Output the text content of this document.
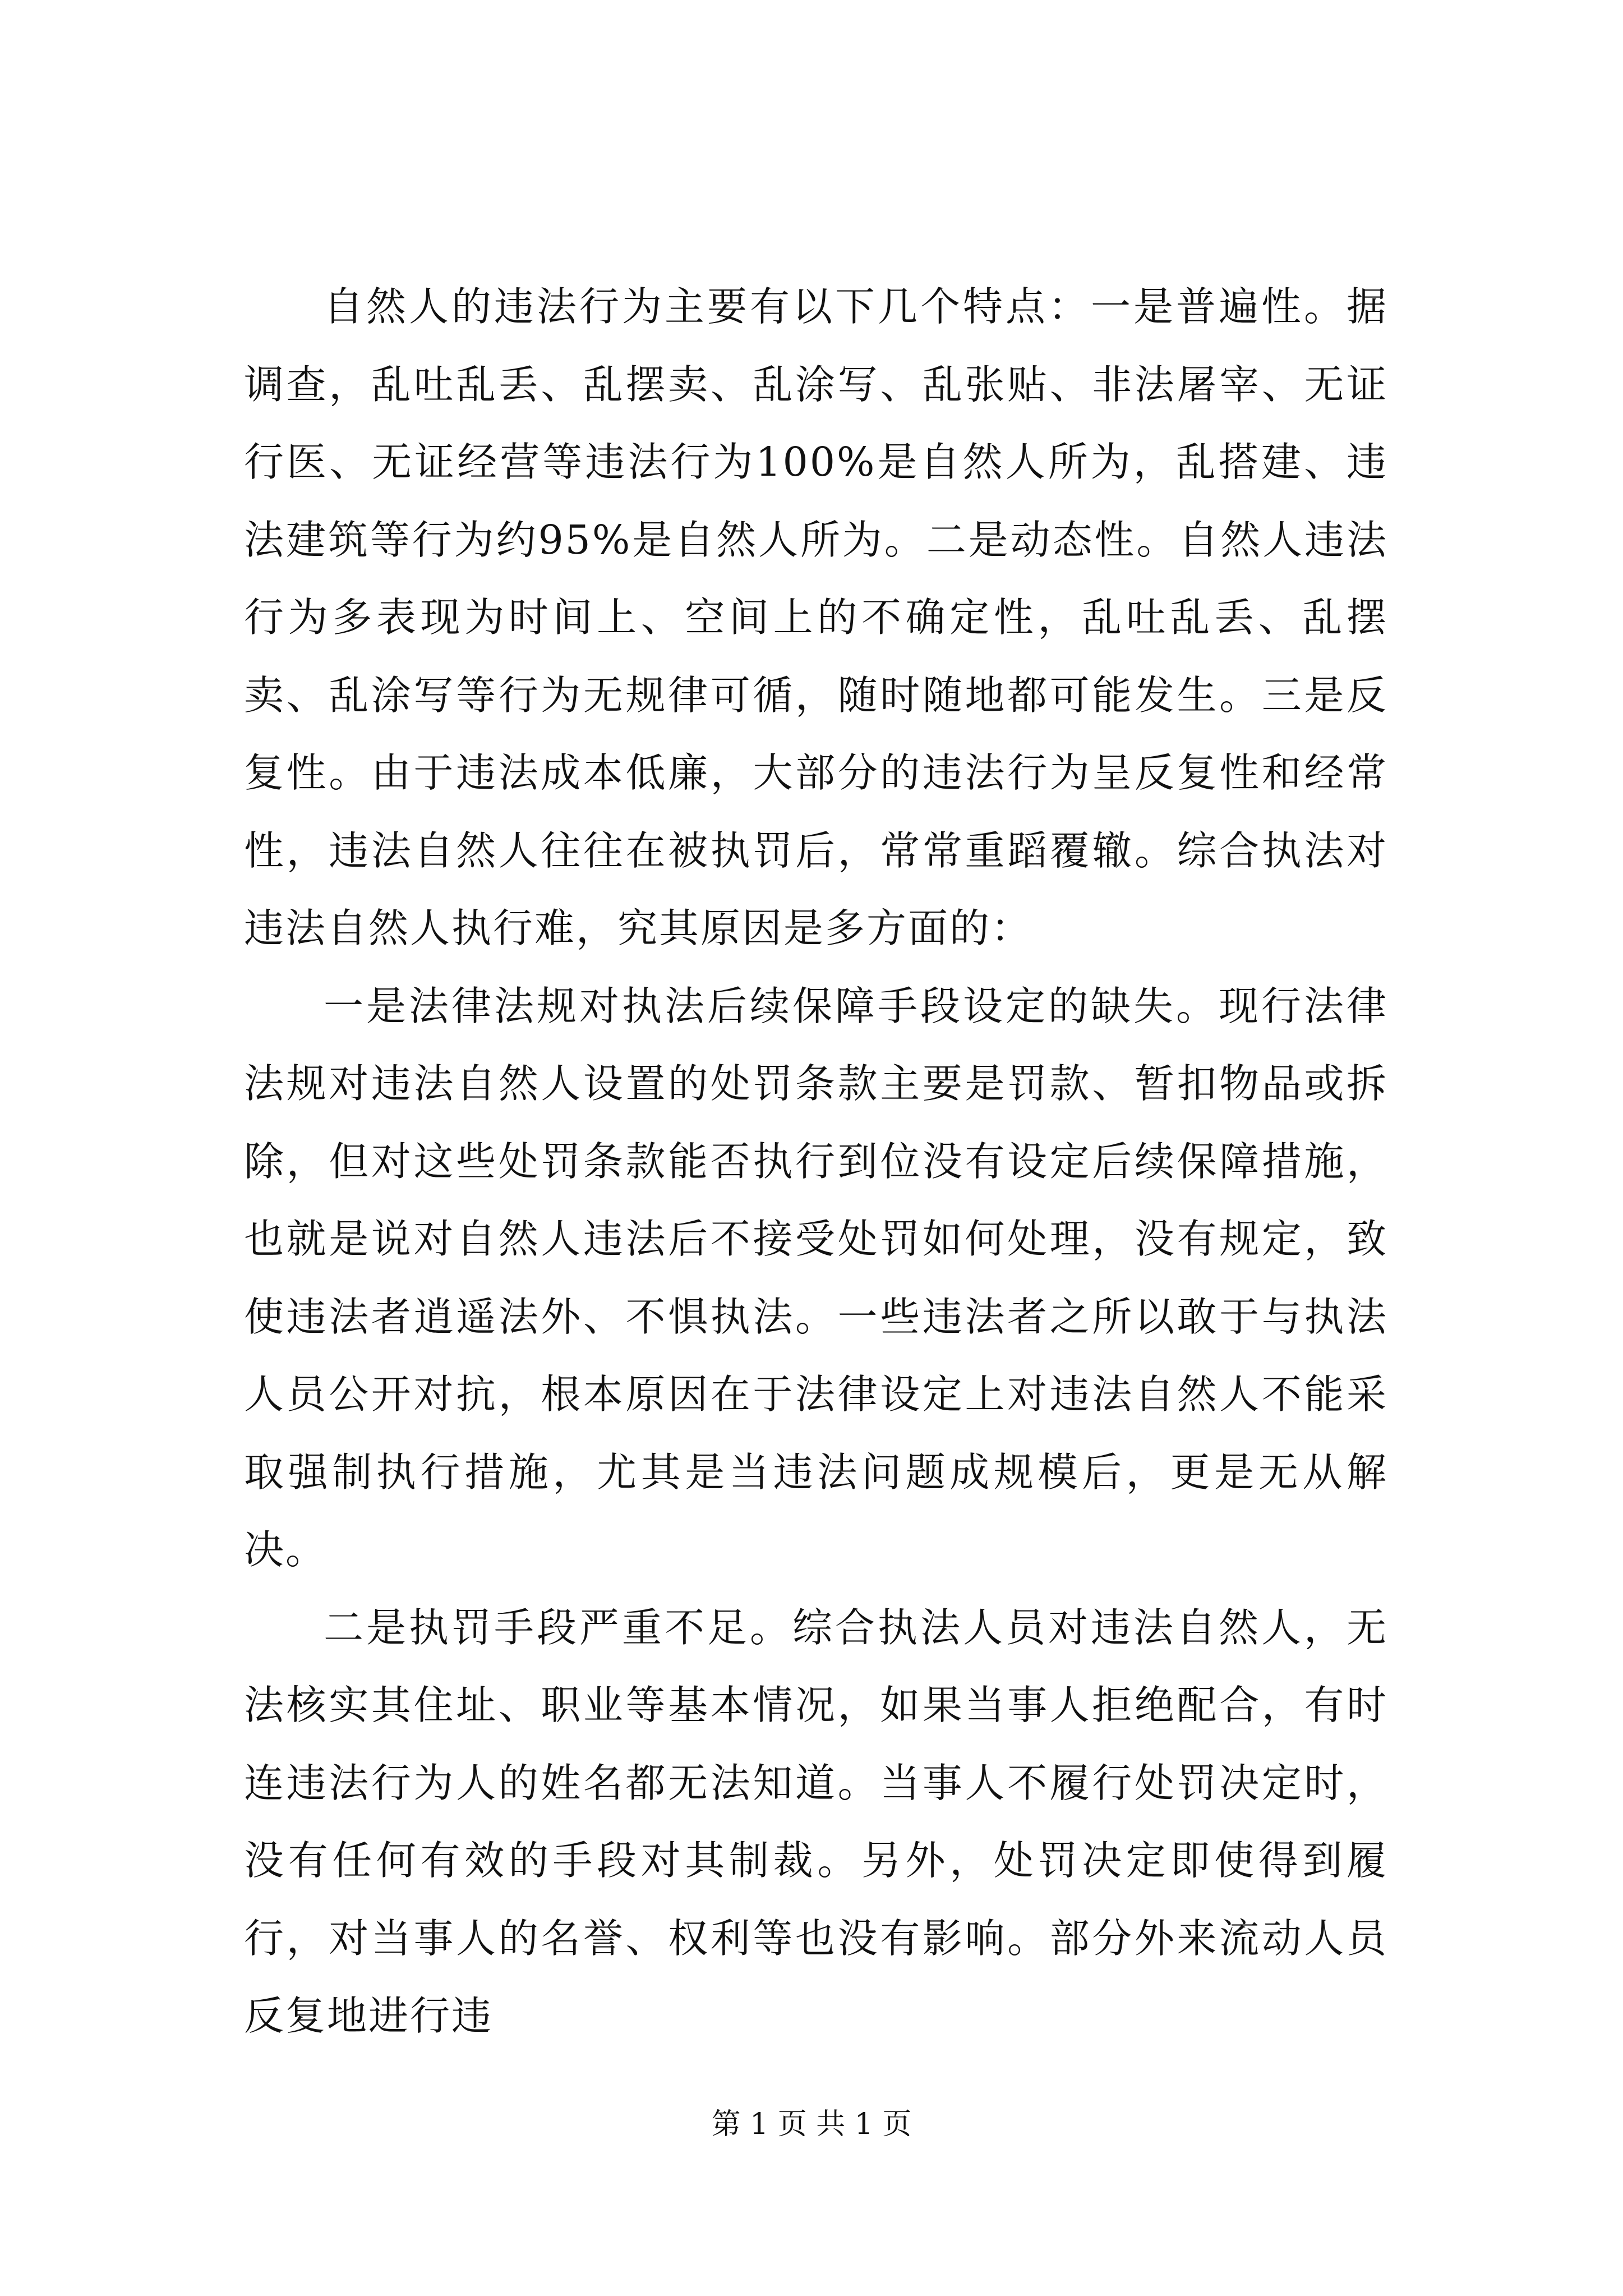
自然人的违法行为主要有以下几个特点：一是普遍性。据调查，乱吐乱丢、乱摆卖、乱涂写、乱张贴、非法屠宰、无证行医、无证经营等违法行为100%是自然人所为，乱搭建、违法建筑等行为约95%是自然人所为。二是动态性。自然人违法行为多表现为时间上、空间上的不确定性，乱吐乱丢、乱摆卖、乱涂写等行为无规律可循，随时随地都可能发生。三是反复性。由于违法成本低廉，大部分的违法行为呈反复性和经常性，违法自然人往往在被执罚后，常常重蹈覆辙。综合执法对违法自然人执行难，究其原因是多方面的：

一是法律法规对执法后续保障手段设定的缺失。现行法律法规对违法自然人设置的处罚条款主要是罚款、暂扣物品或拆除，但对这些处罚条款能否执行到位没有设定后续保障措施，也就是说对自然人违法后不接受处罚如何处理，没有规定，致使违法者逍遥法外、不惧执法。一些违法者之所以敢于与执法人员公开对抗，根本原因在于法律设定上对违法自然人不能采取强制执行措施，尤其是当违法问题成规模后，更是无从解决。

二是执罚手段严重不足。综合执法人员对违法自然人，无法核实其住址、职业等基本情况，如果当事人拒绝配合，有时连违法行为人的姓名都无法知道。当事人不履行处罚决定时，没有任何有效的手段对其制裁。另外，处罚决定即使得到履行，对当事人的名誉、权利等也没有影响。部分外来流动人员反复地进行违

第 1 页 共 1 页
